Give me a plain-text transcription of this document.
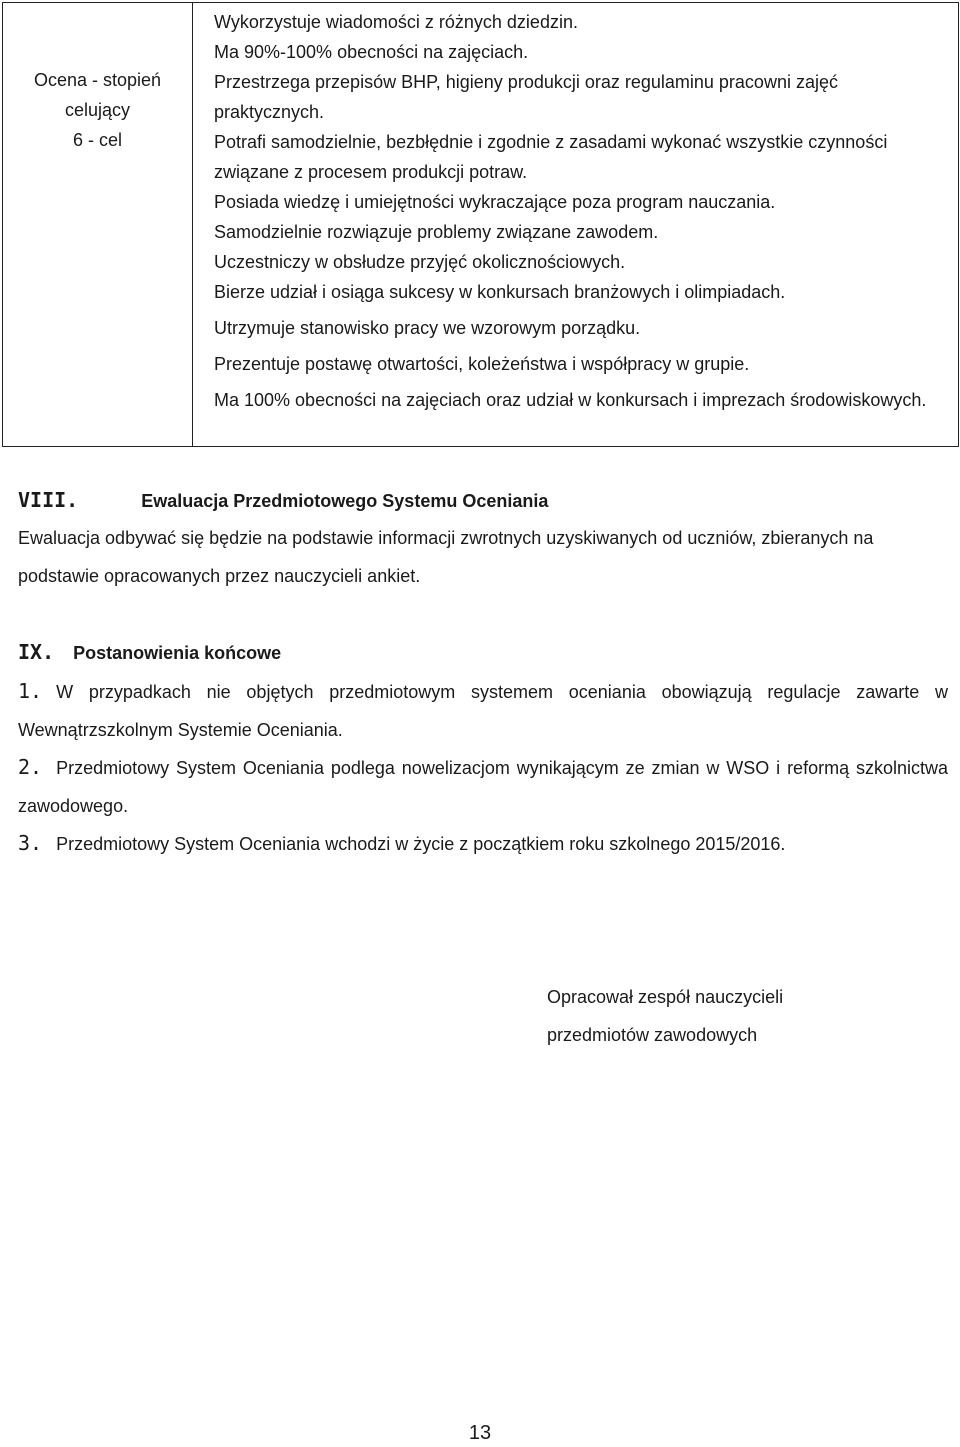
Ocena - stopień
celujący
6 - cel
Wykorzystuje wiadomości z różnych dziedzin.
Ma 90%-100% obecności na zajęciach.
Przestrzega przepisów BHP, higieny produkcji oraz regulaminu pracowni zajęć
praktycznych.
Potrafi samodzielnie, bezbłędnie i zgodnie z zasadami wykonać wszystkie czynności
związane z procesem produkcji potraw.
Posiada wiedzę i umiejętności wykraczające poza program nauczania.
Samodzielnie rozwiązuje problemy związane zawodem.
Uczestniczy w obsłudze przyjęć okolicznościowych.
Bierze udział i osiąga sukcesy w konkursach branżowych i olimpiadach.
Utrzymuje stanowisko pracy we wzorowym porządku.
Prezentuje postawę otwartości, koleżeństwa i współpracy w grupie.
Ma 100% obecności na zajęciach oraz udział w konkursach i imprezach środowiskowych.
VIII.	Ewaluacja Przedmiotowego Systemu Oceniania
Ewaluacja odbywać się będzie na podstawie informacji zwrotnych uzyskiwanych od uczniów, zbieranych na podstawie opracowanych przez nauczycieli ankiet.
IX. Postanowienia końcowe
1. W przypadkach nie objętych przedmiotowym systemem oceniania obowiązują regulacje zawarte w Wewnątrzszkolnym Systemie Oceniania.
2. Przedmiotowy System Oceniania podlega nowelizacjom wynikającym ze zmian w WSO i reformą szkolnictwa zawodowego.
3. Przedmiotowy System Oceniania wchodzi w życie z początkiem roku szkolnego 2015/2016.
Opracował zespół nauczycieli
przedmiotów zawodowych
13
